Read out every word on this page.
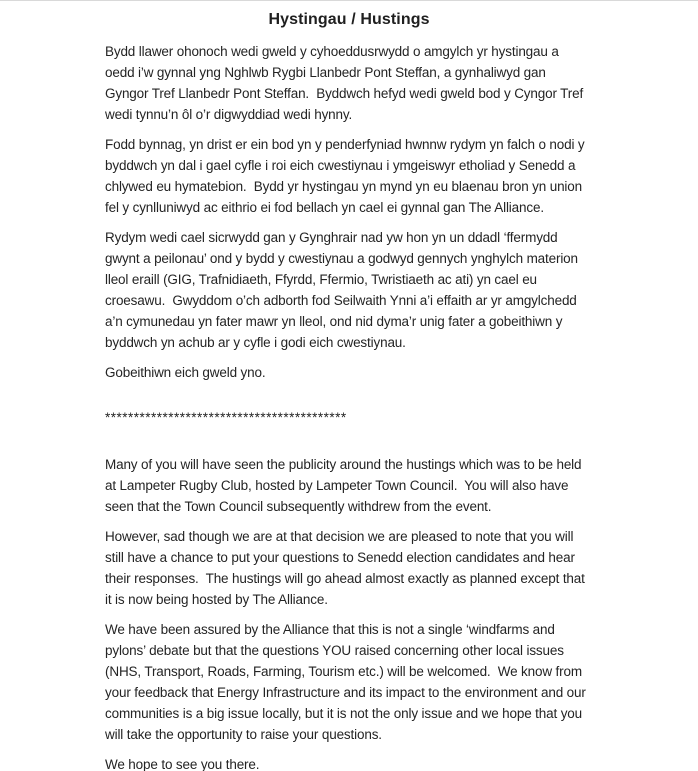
Hystingau / Hustings

Bydd llawer ohonoch wedi gweld y cyhoeddusrwydd o amgylch yr hystingau a oedd i’w gynnal yng Nghlwb Rygbi Llanbedr Pont Steffan, a gynhaliwyd gan Gyngor Tref Llanbedr Pont Steffan.  Byddwch hefyd wedi gweld bod y Cyngor Tref wedi tynnu’n ôl o’r digwyddiad wedi hynny.

Fodd bynnag, yn drist er ein bod yn y penderfyniad hwnnw rydym yn falch o nodi y byddwch yn dal i gael cyfle i roi eich cwestiynau i ymgeiswyr etholiad y Senedd a chlywed eu hymatebion.  Bydd yr hystingau yn mynd yn eu blaenau bron yn union fel y cynlluniwyd ac eithrio ei fod bellach yn cael ei gynnal gan The Alliance.

Rydym wedi cael sicrwydd gan y Gynghrair nad yw hon yn un ddadl ‘ffermydd gwynt a peilonau’ ond y bydd y cwestiynau a godwyd gennych ynghylch materion lleol eraill (GIG, Trafnidiaeth, Ffyrdd, Ffermio, Twristiaeth ac ati) yn cael eu croesawu.  Gwyddom o’ch adborth fod Seilwaith Ynni a’i effaith ar yr amgylchedd a’n cymunedau yn fater mawr yn lleol, ond nid dyma’r unig fater a gobeithiwn y byddwch yn achub ar y cyfle i godi eich cwestiynau.

Gobeithiwn eich gweld yno.

******************************************

Many of you will have seen the publicity around the hustings which was to be held at Lampeter Rugby Club, hosted by Lampeter Town Council.  You will also have seen that the Town Council subsequently withdrew from the event.

However, sad though we are at that decision we are pleased to note that you will still have a chance to put your questions to Senedd election candidates and hear their responses.  The hustings will go ahead almost exactly as planned except that it is now being hosted by The Alliance.

We have been assured by the Alliance that this is not a single ‘windfarms and pylons’ debate but that the questions YOU raised concerning other local issues (NHS, Transport, Roads, Farming, Tourism etc.) will be welcomed.  We know from your feedback that Energy Infrastructure and its impact to the environment and our communities is a big issue locally, but it is not the only issue and we hope that you will take the opportunity to raise your questions.

We hope to see you there.
